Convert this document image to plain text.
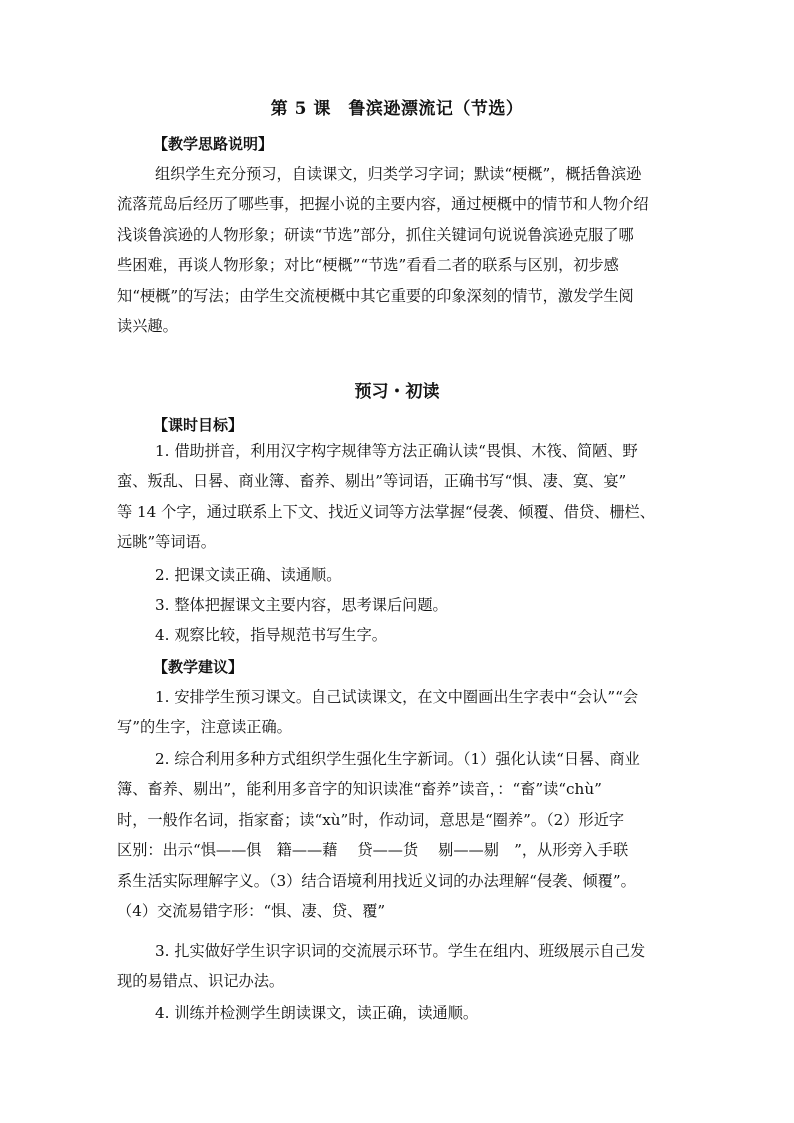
第 5 课　鲁滨逊漂流记（节选）
【教学思路说明】
组织学生充分预习，自读课文，归类学习字词；默读“梗概”，概括鲁滨逊
流落荒岛后经历了哪些事，把握小说的主要内容，通过梗概中的情节和人物介绍
浅谈鲁滨逊的人物形象；研读“节选”部分，抓住关键词句说说鲁滨逊克服了哪
些困难，再谈人物形象；对比“梗概”“节选”看看二者的联系与区别，初步感
知“梗概”的写法；由学生交流梗概中其它重要的印象深刻的情节，激发学生阅
读兴趣。
预习・初读
【课时目标】
1. 借助拼音，利用汉字构字规律等方法正确认读“畏惧、木筏、简陋、野
蛮、叛乱、日晷、商业簿、畜养、剔出”等词语，正确书写“惧、凄、寞、宴”
等 14 个字，通过联系上下文、找近义词等方法掌握“侵袭、倾覆、借贷、栅栏、
远眺”等词语。
2. 把课文读正确、读通顺。
3. 整体把握课文主要内容，思考课后问题。
4. 观察比较，指导规范书写生字。
【教学建议】
1. 安排学生预习课文。自己试读课文，在文中圈画出生字表中“会认”“会
写”的生字，注意读正确。
2. 综合利用多种方式组织学生强化生字新词。（1）强化认读“日晷、商业
簿、畜养、剔出”，能利用多音字的知识读准“畜养”读音，：“畜”读“chù”
时，一般作名词，指家畜；读“xù”时，作动词，意思是“圈养”。（2）形近字
区别：出示“惧——俱　籍——藉　 贷——货　 剔——剔　”，从形旁入手联
系生活实际理解字义。（3）结合语境利用找近义词的办法理解“侵袭、倾覆”。
（4）交流易错字形：“惧、凄、贷、覆”
3. 扎实做好学生识字识词的交流展示环节。学生在组内、班级展示自己发
现的易错点、识记办法。
4. 训练并检测学生朗读课文，读正确，读通顺。
